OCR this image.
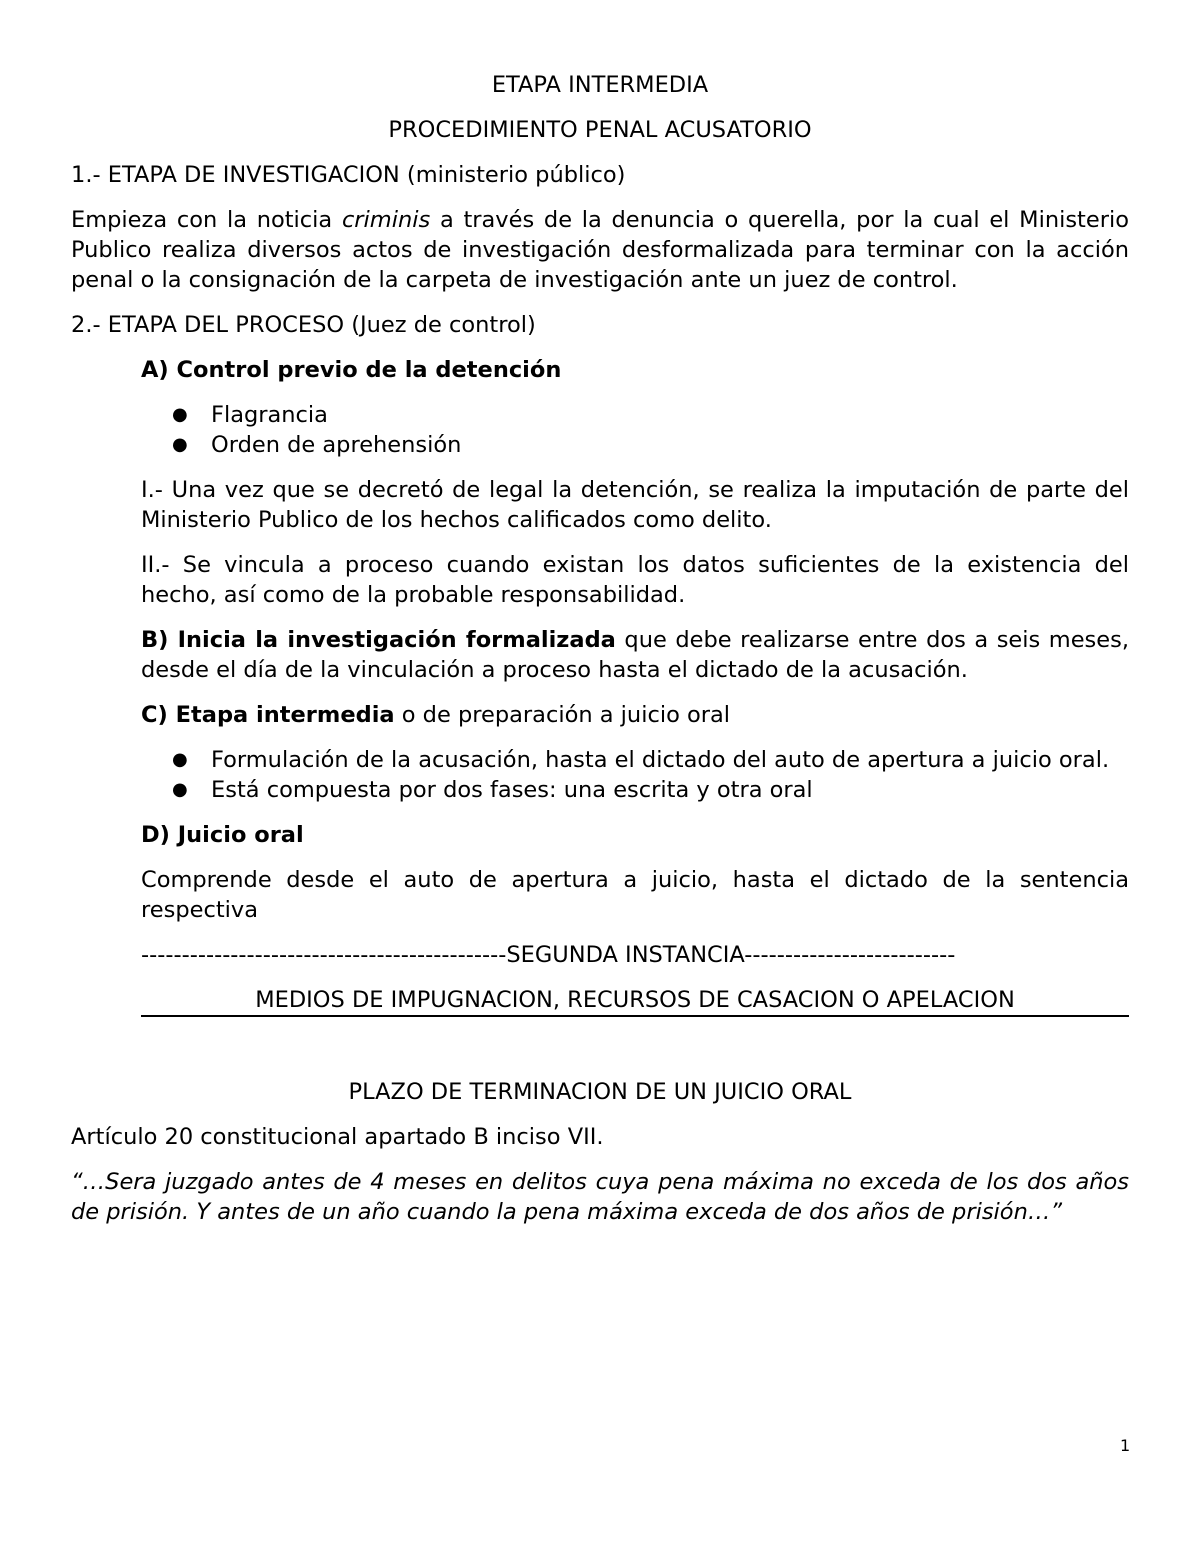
ETAPA INTERMEDIA

PROCEDIMIENTO PENAL ACUSATORIO

1.- ETAPA DE INVESTIGACION (ministerio público)

Empieza con la noticia criminis a través de la denuncia o querella, por la cual el Ministerio Publico realiza diversos actos de investigación desformalizada para terminar con la acción penal o la consignación de la carpeta de investigación ante un juez de control.

2.- ETAPA DEL PROCESO (Juez de control)

A) Control previo de la detención

● Flagrancia
● Orden de aprehensión

I.- Una vez que se decretó de legal la detención, se realiza la imputación de parte del Ministerio Publico de los hechos calificados como delito.

II.- Se vincula a proceso cuando existan los datos suficientes de la existencia del hecho, así como de la probable responsabilidad.

B) Inicia la investigación formalizada que debe realizarse entre dos a seis meses, desde el día de la vinculación a proceso hasta el dictado de la acusación.

C) Etapa intermedia o de preparación a juicio oral

● Formulación de la acusación, hasta el dictado del auto de apertura a juicio oral.
● Está compuesta por dos fases: una escrita y otra oral

D) Juicio oral

Comprende desde el auto de apertura a juicio, hasta el dictado de la sentencia respectiva

---------------------------------------------SEGUNDA INSTANCIA--------------------------

MEDIOS DE IMPUGNACION, RECURSOS DE CASACION O APELACION

PLAZO DE TERMINACION DE UN JUICIO ORAL

Artículo 20 constitucional apartado B inciso VII.

“…Sera juzgado antes de 4 meses en delitos cuya pena máxima no exceda de los dos años de prisión. Y antes de un año cuando la pena máxima exceda de dos años de prisión…”

1
